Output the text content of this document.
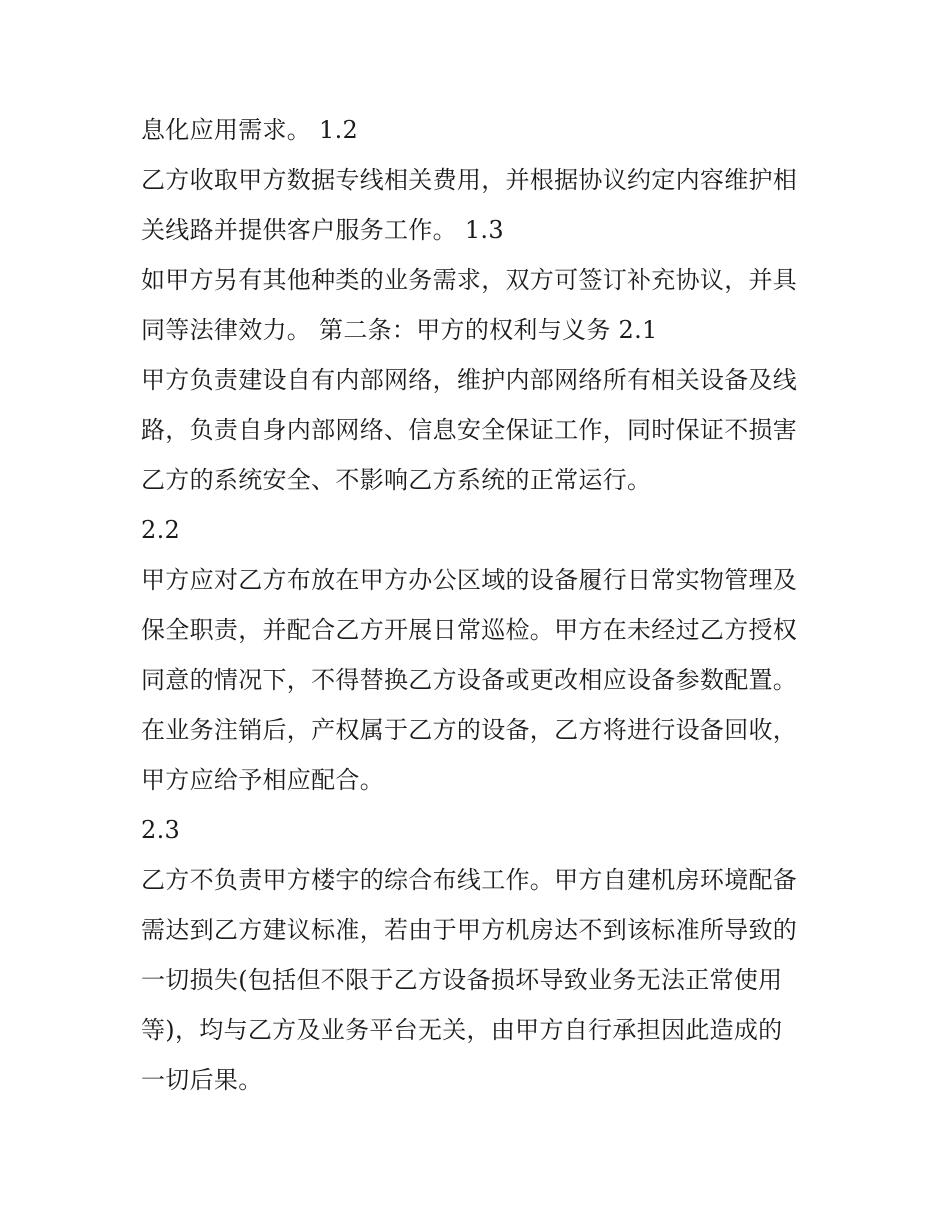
息化应用需求。 1.2
乙方收取甲方数据专线相关费用，并根据协议约定内容维护相
关线路并提供客户服务工作。 1.3
如甲方另有其他种类的业务需求，双方可签订补充协议，并具
同等法律效力。 第二条：甲方的权利与义务 2.1
甲方负责建设自有内部网络，维护内部网络所有相关设备及线
路，负责自身内部网络、信息安全保证工作，同时保证不损害
乙方的系统安全、不影响乙方系统的正常运行。
2.2
甲方应对乙方布放在甲方办公区域的设备履行日常实物管理及
保全职责，并配合乙方开展日常巡检。甲方在未经过乙方授权
同意的情况下，不得替换乙方设备或更改相应设备参数配置。
在业务注销后，产权属于乙方的设备，乙方将进行设备回收，
甲方应给予相应配合。
2.3
乙方不负责甲方楼宇的综合布线工作。甲方自建机房环境配备
需达到乙方建议标准，若由于甲方机房达不到该标准所导致的
一切损失(包括但不限于乙方设备损坏导致业务无法正常使用
等)，均与乙方及业务平台无关，由甲方自行承担因此造成的
一切后果。
